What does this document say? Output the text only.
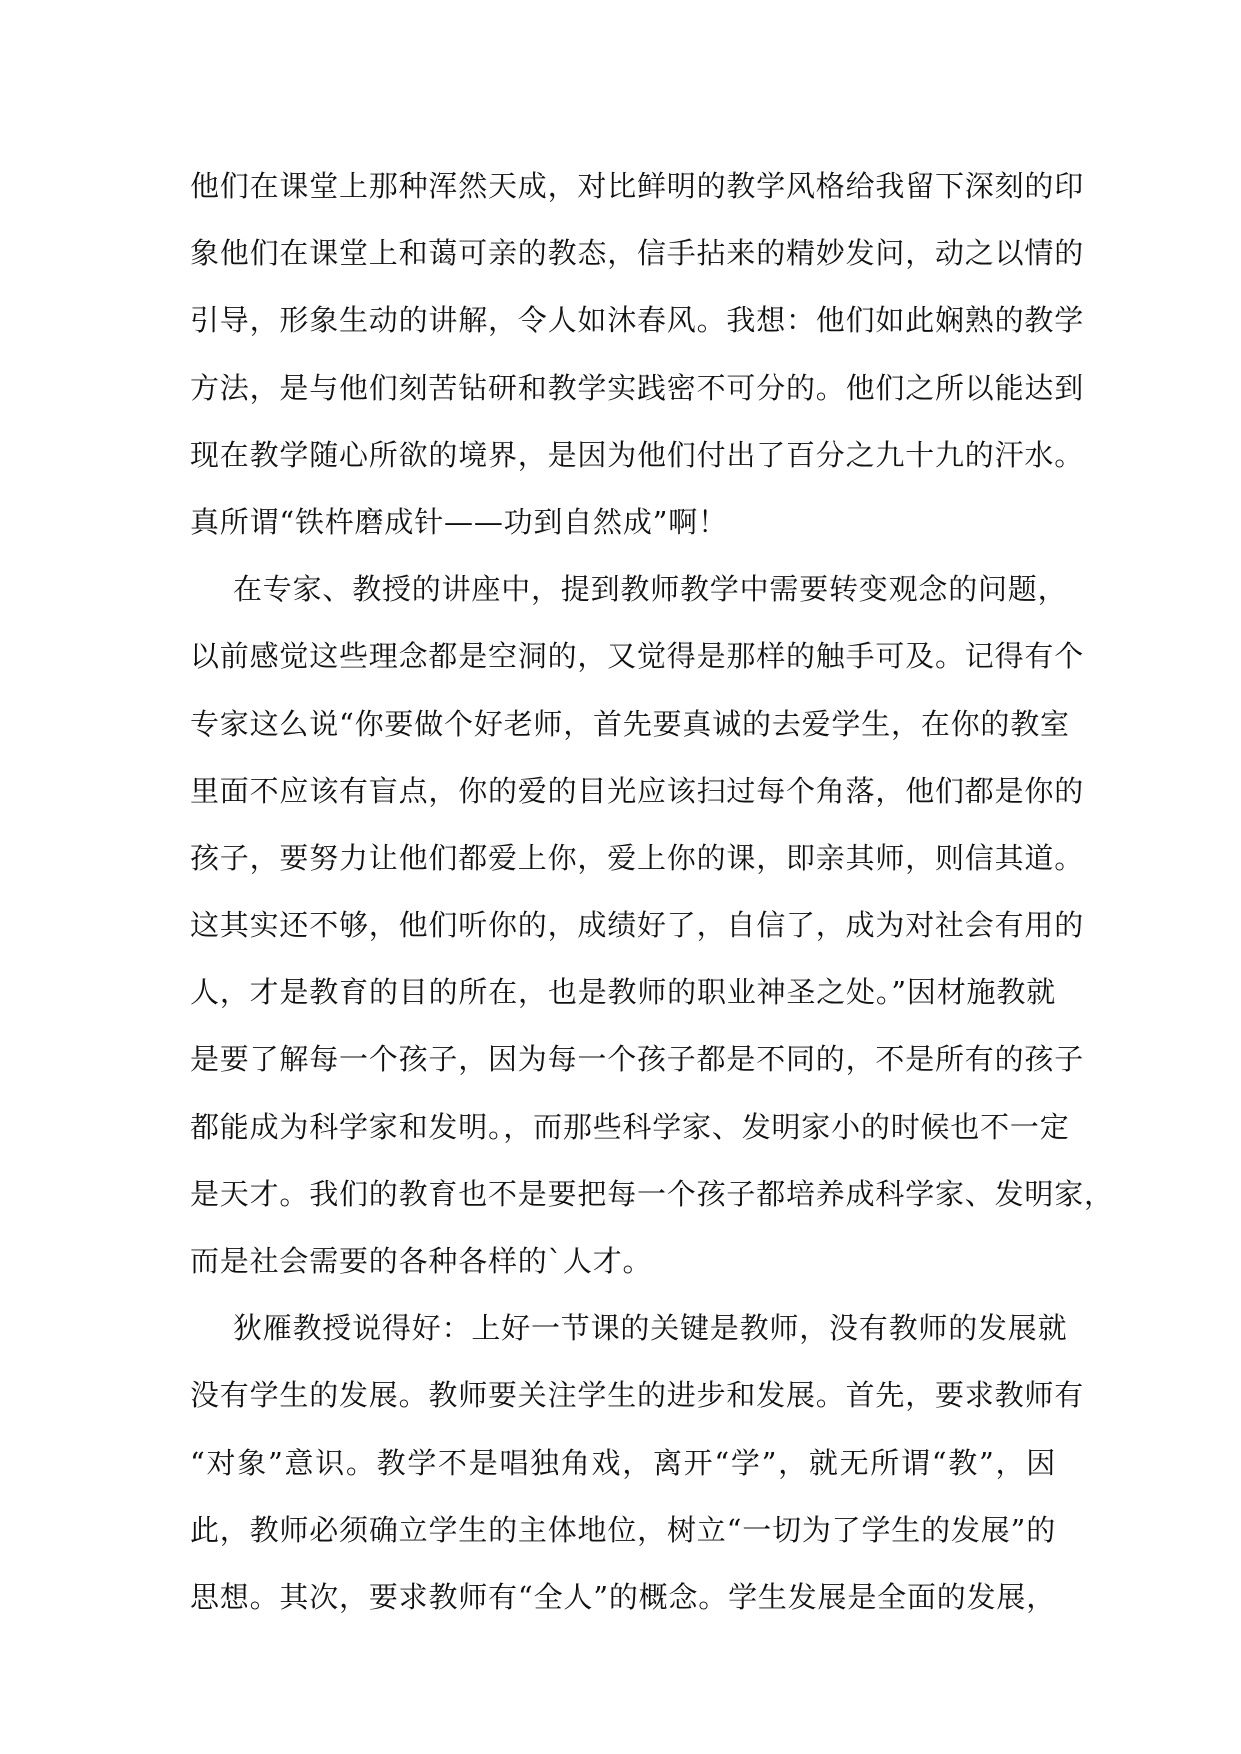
他们在课堂上那种浑然天成，对比鲜明的教学风格给我留下深刻的印
象他们在课堂上和蔼可亲的教态，信手拈来的精妙发问，动之以情的
引导，形象生动的讲解，令人如沐春风。我想：他们如此娴熟的教学
方法，是与他们刻苦钻研和教学实践密不可分的。他们之所以能达到
现在教学随心所欲的境界，是因为他们付出了百分之九十九的汗水。
真所谓“铁杵磨成针——功到自然成”啊！
在专家、教授的讲座中，提到教师教学中需要转变观念的问题，
以前感觉这些理念都是空洞的，又觉得是那样的触手可及。记得有个
专家这么说“你要做个好老师，首先要真诚的去爱学生，在你的教室
里面不应该有盲点，你的爱的目光应该扫过每个角落，他们都是你的
孩子，要努力让他们都爱上你，爱上你的课，即亲其师，则信其道。
这其实还不够，他们听你的，成绩好了，自信了，成为对社会有用的
人，才是教育的目的所在，也是教师的职业神圣之处。”因材施教就
是要了解每一个孩子，因为每一个孩子都是不同的，不是所有的孩子
都能成为科学家和发明。，而那些科学家、发明家小的时候也不一定
是天才。我们的教育也不是要把每一个孩子都培养成科学家、发明家，
而是社会需要的各种各样的`人才。
狄雁教授说得好：上好一节课的关键是教师，没有教师的发展就
没有学生的发展。教师要关注学生的进步和发展。首先，要求教师有
“对象”意识。教学不是唱独角戏，离开“学”，就无所谓“教”，因
此，教师必须确立学生的主体地位，树立“一切为了学生的发展”的
思想。其次，要求教师有“全人”的概念。学生发展是全面的发展，
